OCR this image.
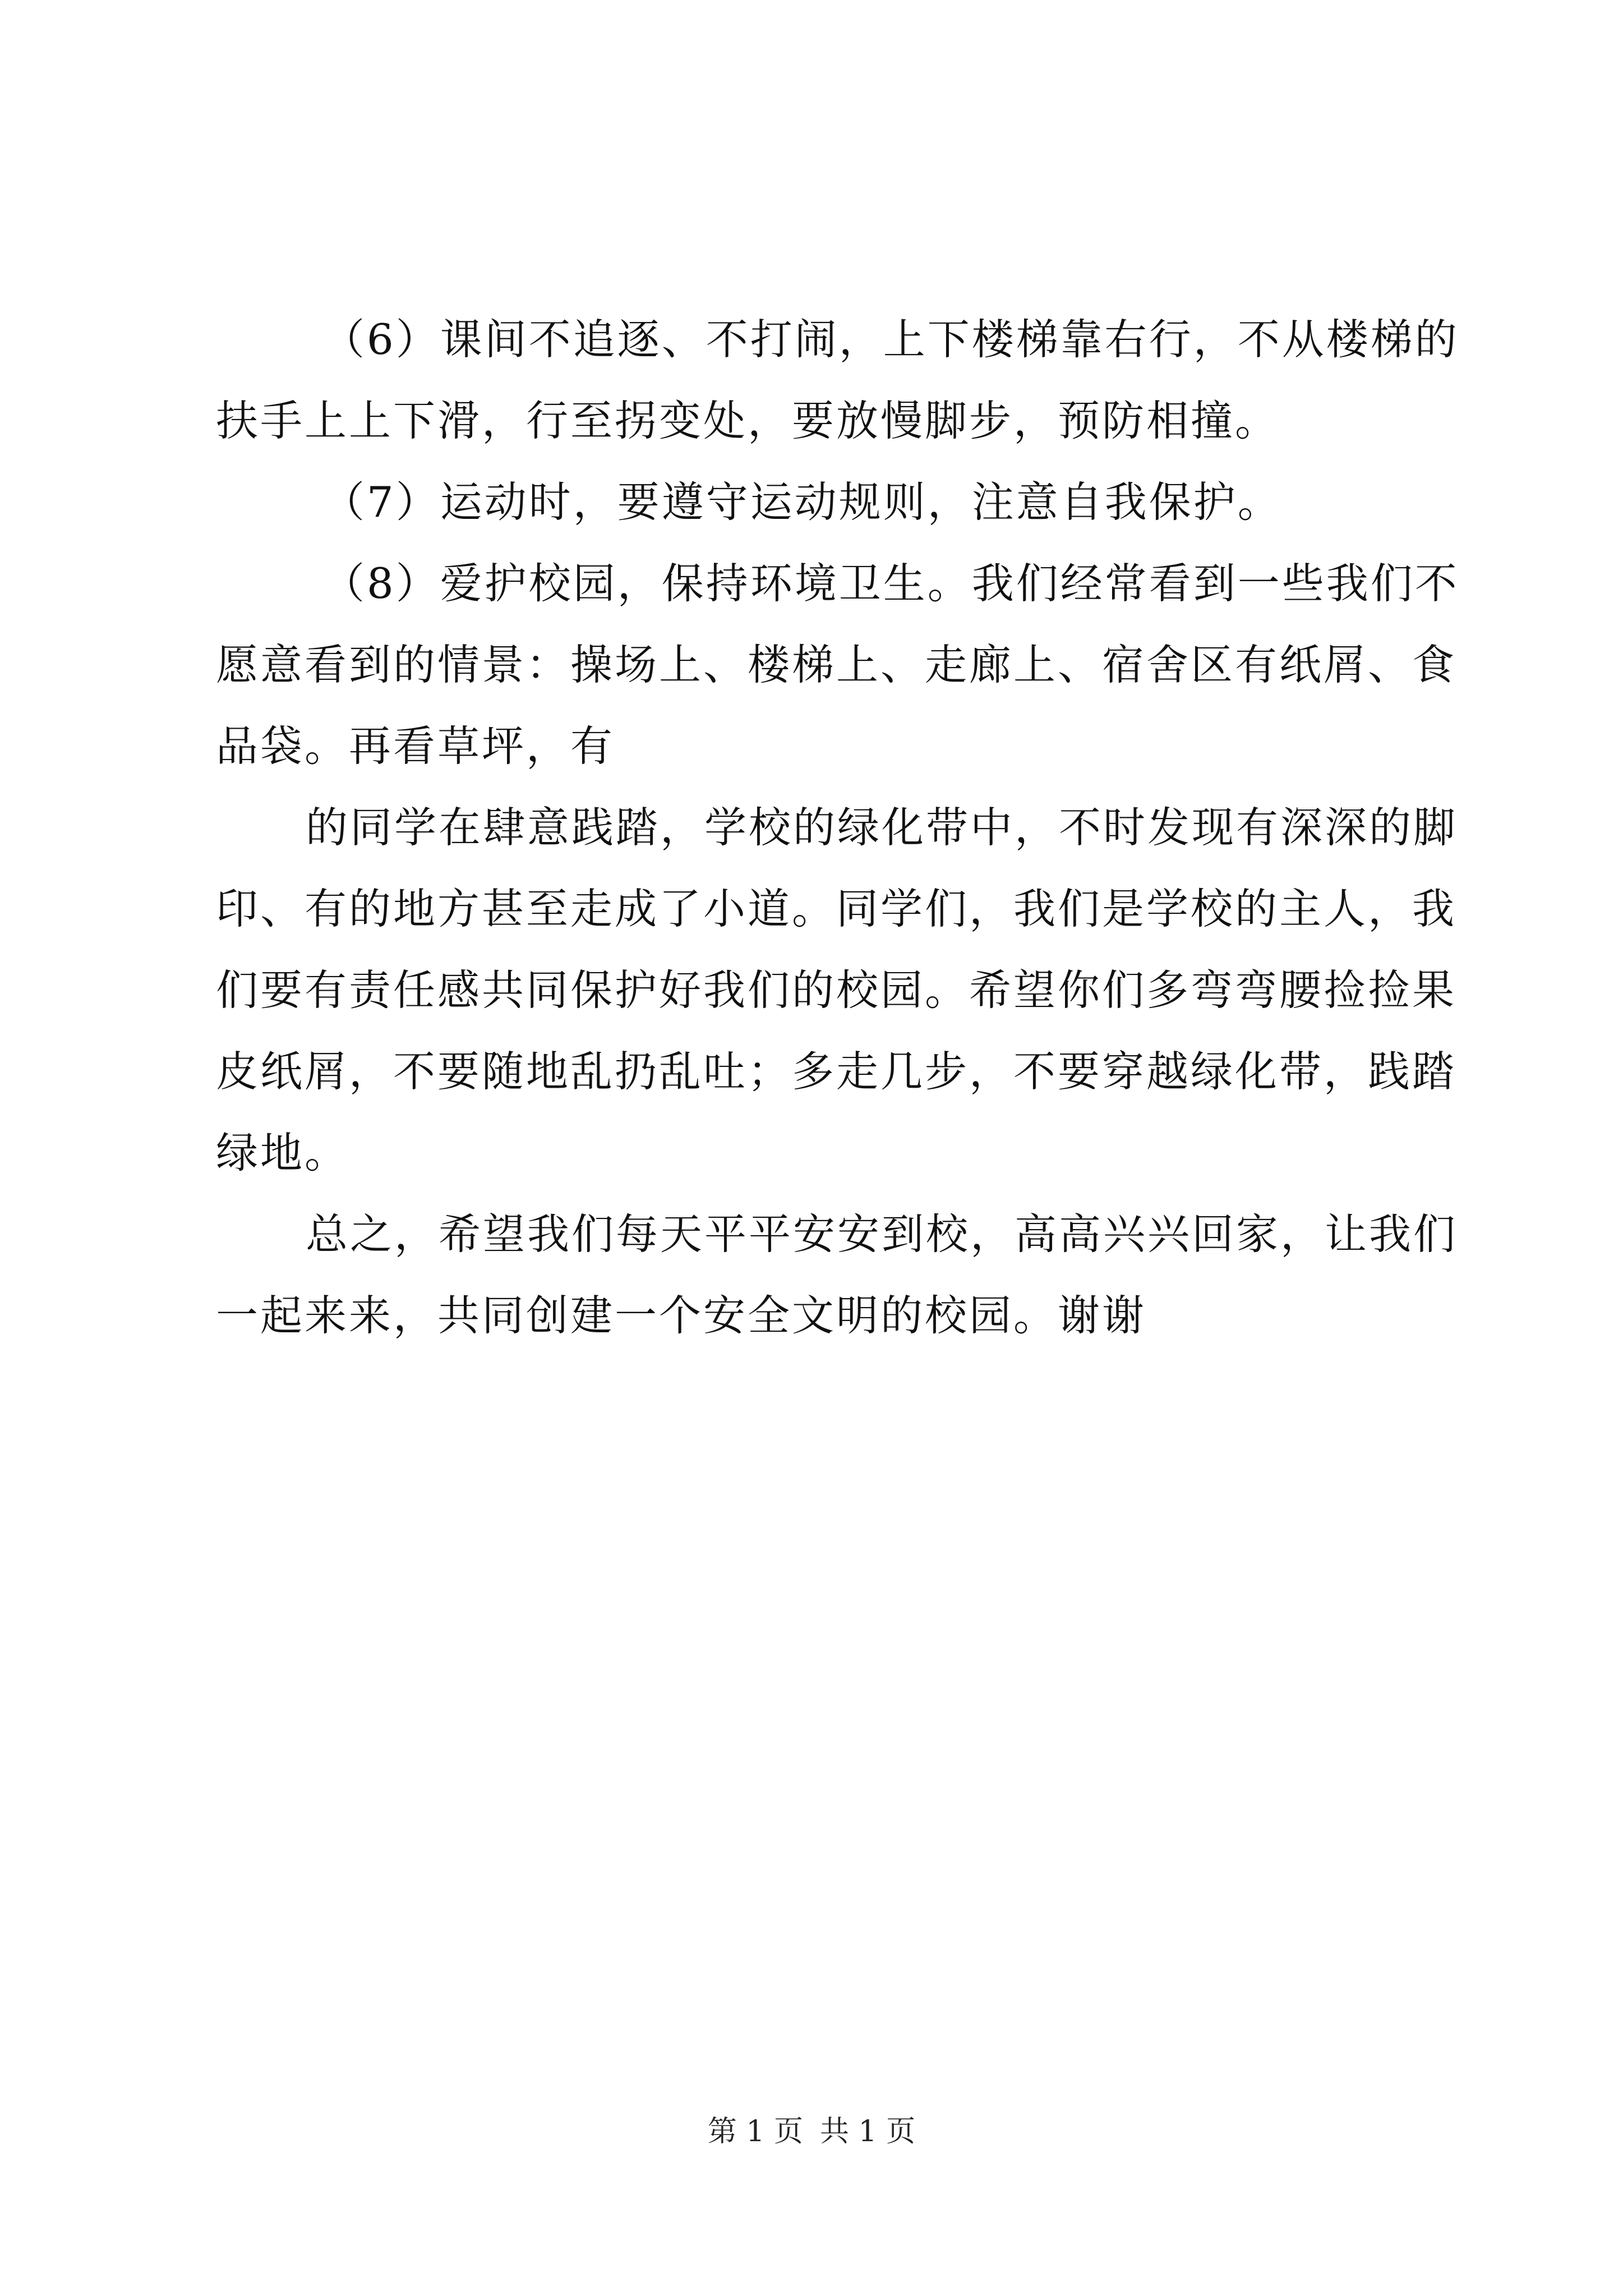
（6）课间不追逐、不打闹，上下楼梯靠右行，不从楼梯的
扶手上上下滑，行至拐变处，要放慢脚步，预防相撞。
（7）运动时，要遵守运动规则，注意自我保护。
（8）爱护校园，保持环境卫生。我们经常看到一些我们不
愿意看到的情景：操场上、楼梯上、走廊上、宿舍区有纸屑、食
品袋。再看草坪，有
的同学在肆意践踏，学校的绿化带中，不时发现有深深的脚
印、有的地方甚至走成了小道。同学们，我们是学校的主人，我
们要有责任感共同保护好我们的校园。希望你们多弯弯腰捡捡果
皮纸屑，不要随地乱扔乱吐；多走几步，不要穿越绿化带，践踏
绿地。
总之，希望我们每天平平安安到校，高高兴兴回家，让我们
一起来来，共同创建一个安全文明的校园。谢谢
第 1 页 共 1 页
